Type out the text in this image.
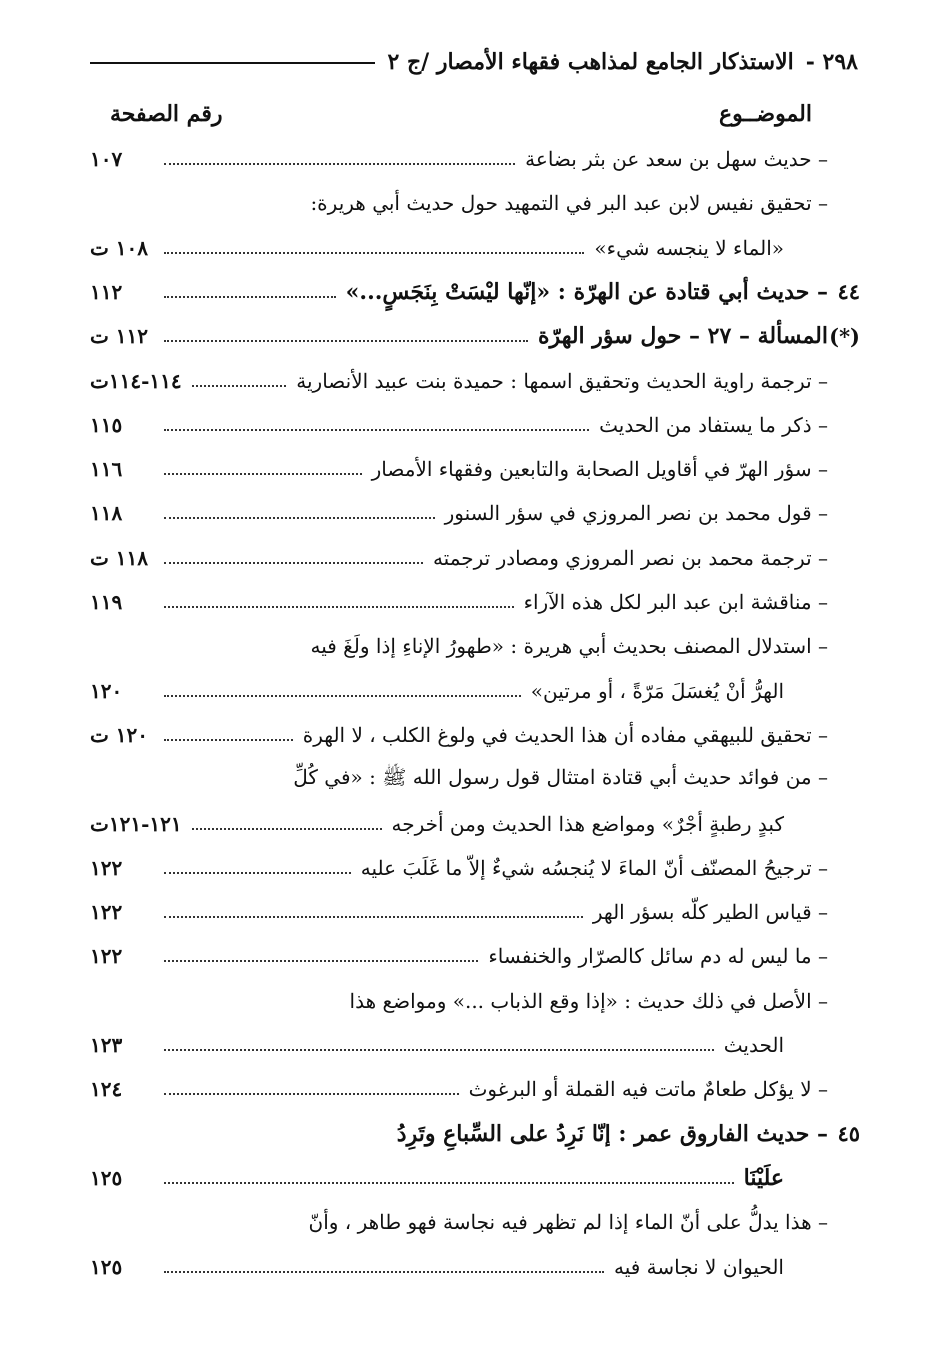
٢٩٨ -
الاستذكار الجامع لمذاهب فقهاء الأمصار /ج ٢
رقم الصفحة	الموضــوع
– حديث سهل بن سعد عن بثر بضاعة
١٠٧
– تحقيق نفيس لابن عبد البر في التمهيد حول حديث أبي هريرة:
«الماء لا ينجسه شيء»
١٠٨ ت
٤٤
– حديث أبي قتادة عن الهرّة : «إنّها ليْسَتْ بِنَجَسٍ...»
١١٢
(*)
المسألة – ٢٧ – حول سؤر الهرّة
١١٢ ت
– ترجمة راوية الحديث وتحقيق اسمها : حميدة بنت عبيد الأنصارية
١١٤-١١٤ت
– ذكر ما يستفاد من الحديث
١١٥
– سؤر الهرّ في أقاويل الصحابة والتابعين وفقهاء الأمصار
١١٦
– قول محمد بن نصر المروزي في سؤر السنور
١١٨
– ترجمة محمد بن نصر المروزي ومصادر ترجمته
١١٨ ت
– مناقشة ابن عبد البر لكل هذه الآراء
١١٩
– استدلال المصنف بحديث أبي هريرة : «طهورُ الإناءِ إذا ولَغَ فيه
الهرُّ أنْ يُغسَلَ مَرّةً ، أو مرتين»
١٢٠
– تحقيق للبيهقي مفاده أن هذا الحديث في ولوغ الكلب ، لا الهرة
١٢٠ ت
– من فوائد حديث أبي قتادة امتثال قول رسول الله ﷺ : «في كُلِّ
كبدٍ رطبةٍ أجْرٌ» ومواضع هذا الحديث ومن أخرجه
١٢١-١٢١ت
– ترجيحُ المصنّف أنّ الماءَ لا يُنجسُه شيءٌ إلاّ ما غَلَبَ عليه
١٢٢
– قياس الطير كلّه بسؤر الهر
١٢٢
– ما ليس له دم سائل كالصرّار والخنفساء
١٢٢
– الأصل في ذلك حديث : «إذا وقع الذباب ...» ومواضع هذا
الحديث
١٢٣
– لا يؤكل طعامٌ ماتت فيه القملة أو البرغوث
١٢٤
٤٥
– حديث الفاروق عمر : إنّا نَرِدُ على السِّباعِ وتَرِدُ
علَيْنَا
١٢٥
– هذا يدلُّ على أنّ الماء إذا لم تظهر فيه نجاسة فهو طاهر ، وأنّ
الحيوان لا نجاسة فيه
١٢٥
